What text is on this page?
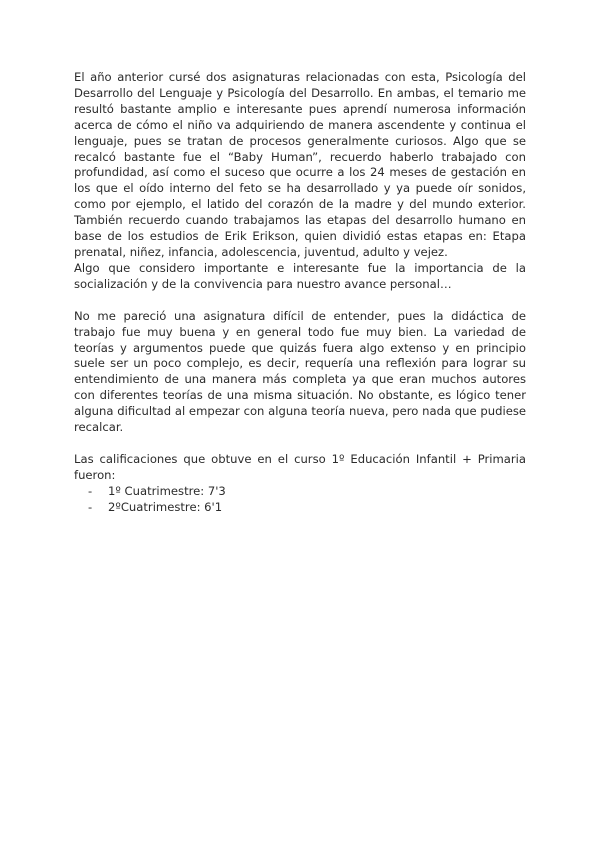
El año anterior cursé dos asignaturas relacionadas con esta, Psicología del Desarrollo del Lenguaje y Psicología del Desarrollo. En ambas, el temario me resultó bastante amplio e interesante pues aprendí numerosa información acerca de cómo el niño va adquiriendo de manera ascendente y continua el lenguaje, pues se tratan de procesos generalmente curiosos. Algo que se recalcó bastante fue el “Baby Human”, recuerdo haberlo trabajado con profundidad, así como el suceso que ocurre a los 24 meses de gestación en los que el oído interno del feto se ha desarrollado y ya puede oír sonidos, como por ejemplo, el latido del corazón de la madre y del mundo exterior. También recuerdo cuando trabajamos las etapas del desarrollo humano en base de los estudios de Erik Erikson, quien dividió estas etapas en: Etapa prenatal, niñez, infancia, adolescencia, juventud, adulto y vejez.

Algo que considero importante e interesante fue la importancia de la socialización y de la convivencia para nuestro avance personal…

No me pareció una asignatura difícil de entender, pues la didáctica de trabajo fue muy buena y en general todo fue muy bien. La variedad de teorías y argumentos puede que quizás fuera algo extenso y en principio suele ser un poco complejo, es decir, requería una reflexión para lograr su entendimiento de una manera más completa ya que eran muchos autores con diferentes teorías de una misma situación. No obstante, es lógico tener alguna dificultad al empezar con alguna teoría nueva, pero nada que pudiese recalcar.

Las calificaciones que obtuve en el curso 1º Educación Infantil + Primaria fueron:

- 1º Cuatrimestre: 7'3
- 2ºCuatrimestre: 6'1
